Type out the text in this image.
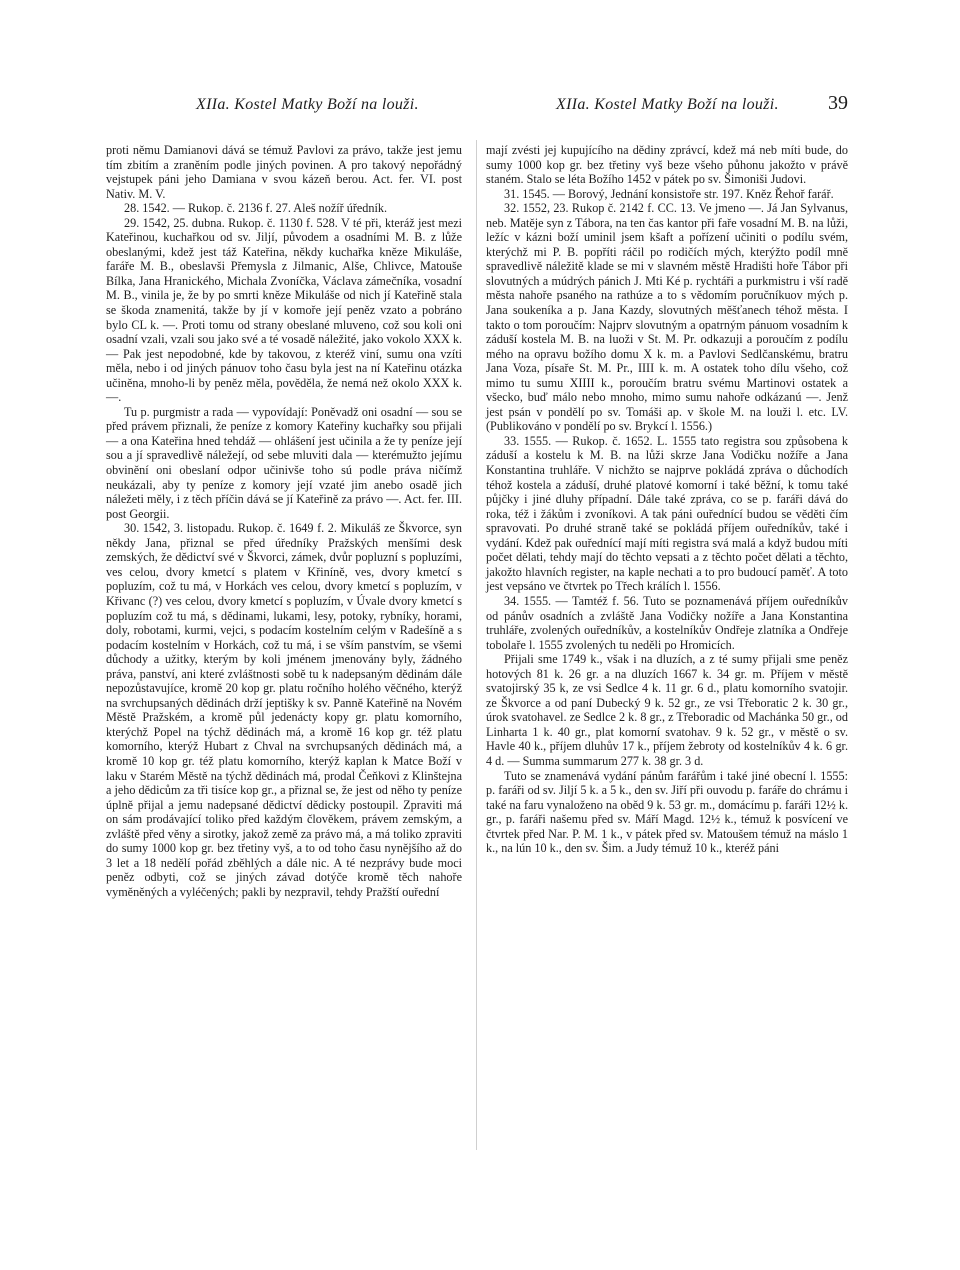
XIIa. Kostel Matky Boží na louži.	XIIa. Kostel Matky Boží na louži. 39

proti němu Damianovi dává se témuž Pavlovi za právo, takže jest jemu tím zbitím a zraněním podle jiných povinen. A pro takový nepořádný vejstupek páni jeho Damiana v svou kázeň berou. Act. fer. VI. post Nativ. M. V.

28. 1542. — Rukop. č. 2136 f. 27. Aleš nožíř úředník.

29. 1542, 25. dubna. Rukop. č. 1130 f. 528. V té při, kteráž jest mezi Kateřinou, kuchařkou od sv. Jiljí, původem a osadními M. B. z lůže obeslanými, kdež jest táž Kateřina, někdy kuchařka kněze Mikuláše, faráře M. B., obeslavši Přemysla z Jilmanic, Alše, Chlivce, Matouše Bílka, Jana Hranického, Michala Zvoníčka, Václava zámečníka, vosadní M. B., vinila je, že by po smrti kněze Mikuláše od nich jí Kateřině stala se škoda znamenitá, takže by jí v komoře její peněz vzato a pobráno bylo CL k. —. Proti tomu od strany obeslané mluveno, což sou koli oni osadní vzali, vzali sou jako své a té vosadě náležité, jako vokolo XXX k. — Pak jest nepodobné, kde by takovou, z kteréž viní, sumu ona vzíti měla, nebo i od jiných pánuov toho času byla jest na ní Kateřinu otázka učiněna, mnoho-li by peněz měla, pověděla, že nemá než okolo XXX k. —.

Tu p. purgmistr a rada — vypovídají: Poněvadž oni osadní — sou se před právem přiznali, že peníze z komory Kateřiny kuchařky sou přijali — a ona Kateřina hned tehdáž — ohlášení jest učinila a že ty peníze její sou a jí spravedlivě náležejí, od sebe mluviti dala — kterémužto jejímu obvinění oni obeslaní odpor učinivše toho sú podle práva ničímž neukázali, aby ty peníze z komory její vzaté jim anebo osadě jich náležeti měly, i z těch příčin dává se jí Kateřině za právo —. Act. fer. III. post Georgii.

30. 1542, 3. listopadu. Rukop. č. 1649 f. 2. Mikuláš ze Škvorce, syn někdy Jana, přiznal se před úředníky Pražských menšími desk zemských, že dědictví své v Škvorci, zámek, dvůr popluzní s popluzími, ves celou, dvory kmetcí s platem v Křiníně, ves, dvory kmetcí s popluzím, což tu má, v Horkách ves celou, dvory kmetcí s popluzím, v Křivanc (?) ves celou, dvory kmetcí s popluzím, v Úvale dvory kmetcí s popluzím což tu má, s dědinami, lukami, lesy, potoky, rybníky, horami, doly, robotami, kurmi, vejci, s podacím kostelním celým v Radešíně a s podacím kostelním v Horkách, což tu má, i se vším panstvím, se všemi důchody a užitky, kterým by koli jménem jmenovány byly, žádného práva, panství, ani které zvláštnosti sobě tu k nadepsaným dědinám dále nepozůstavujíce, kromě 20 kop gr. platu ročního holého věčného, kterýž na svrchupsaných dědinách drží jeptišky k sv. Panně Kateřině na Novém Městě Pražském, a kromě půl jedenácty kopy gr. platu komorního, kterýchž Popel na týchž dědinách má, a kromě 16 kop gr. též platu komorního, kterýž Hubart z Chval na svrchupsaných dědinách má, a kromě 10 kop gr. též platu komorního, kterýž kaplan k Matce Boží v laku v Starém Městě na týchž dědinách má, prodal Čeňkovi z Klinštejna a jeho dědicům za tři tisíce kop gr., a přiznal se, že jest od něho ty peníze úplně přijal a jemu nadepsané dědictví dědicky postoupil. Zpraviti má on sám prodávající toliko před každým člověkem, právem zemským, a zvláště před věny a sirotky, jakož země za právo má, a má toliko zpraviti do sumy 1000 kop gr. bez třetiny vyš, a to od toho času nynějšího až do 3 let a 18 nedělí pořád zběhlých a dále nic. A té nezprávy bude moci peněz odbyti, což se jiných závad dotýče kromě těch nahoře vyměněných a vyléčených; pakli by nezpravil, tehdy Pražští ouřední

mají zvésti jej kupujícího na dědiny zprávcí, kdež má neb míti bude, do sumy 1000 kop gr. bez třetiny vyš beze všeho půhonu jakožto v právě staném. Stalo se léta Božího 1452 v pátek po sv. Šimoniši Judovi.

31. 1545. — Borový, Jednání konsistoře str. 197. Kněz Řehoř farář.

32. 1552, 23. Rukop č. 2142 f. CC. 13. Ve jmeno —. Já Jan Sylvanus, neb. Matěje syn z Tábora, na ten čas kantor při faře vosadní M. B. na lůži, ležíc v kázni boží uminil jsem kšaft a pořízení učiniti o podílu svém, kterýchž mi P. B. popříti ráčil po rodičích mých, kterýžto podíl mně spravedlivě náležitě klade se mi v slavném městě Hradišti hoře Tábor při slovutných a múdrých pánich J. Mti Ké p. rychtáři a purkmistru i vší radě města nahoře psaného na rathúze a to s vědomím poručníkuov mých p. Jana soukeníka a p. Jana Kazdy, slovutných měšťanech téhož města. I takto o tom poroučím: Najprv slovutným a opatrným pánuom vosadním k záduší kostela M. B. na luoži v St. M. Pr. odkazuji a poroučím z podílu mého na opravu božího domu X k. m. a Pavlovi Sedlčanskému, bratru Jana Voza, písaře St. M. Pr., IIII k. m. A ostatek toho dílu všeho, což mimo tu sumu XIIII k., poroučím bratru svému Martinovi ostatek a všecko, buď málo nebo mnoho, mimo sumu nahoře odkázanú —. Jenž jest psán v pondělí po sv. Tomáši ap. v škole M. na louži l. etc. LV. (Publikováno v pondělí po sv. Brykcí l. 1556.)

33. 1555. — Rukop. č. 1652. L. 1555 tato registra sou způsobena k záduší a kostelu k M. B. na lůži skrze Jana Vodičku nožíře a Jana Konstantina truhláře. V nichžto se najprve pokládá zpráva o důchodích téhož kostela a záduší, druhé platové komorní i také běžní, k tomu také půjčky i jiné dluhy případní. Dále také zpráva, co se p. faráři dává do roka, též i žákům i zvoníkovi. A tak páni ouřednící budou se věděti čím spravovati. Po druhé straně také se pokládá příjem ouředníkův, také i vydání. Kdež pak ouřednící mají míti registra svá malá a když budou míti počet dělati, tehdy mají do těchto vepsati a z těchto počet dělati a těchto, jakožto hlavních register, na kaple nechati a to pro budoucí paměť. A toto jest vepsáno ve čtvrtek po Třech králích l. 1556.

34. 1555. — Tamtéž f. 56. Tuto se poznamenává příjem ouředníkův od pánův osadních a zvláště Jana Vodičky nožíře a Jana Konstantina truhláře, zvolených ouředníkův, a kostelníkův Ondřeje zlatníka a Ondřeje tobolaře l. 1555 zvolených tu neděli po Hromicích.

Přijali sme 1749 k., však i na dluzích, a z té sumy přijali sme peněz hotových 81 k. 26 gr. a na dluzích 1667 k. 34 gr. m. Příjem v městě svatojirský 35 k, ze vsi Sedlce 4 k. 11 gr. 6 d., platu komorního svatojir. ze Škvorce a od paní Dubecký 9 k. 52 gr., ze vsi Třeboratic 2 k. 30 gr., úrok svatohavel. ze Sedlce 2 k. 8 gr., z Třeboradic od Machánka 50 gr., od Linharta 1 k. 40 gr., plat komorní svatohav. 9 k. 52 gr., v městě o sv. Havle 40 k., příjem dluhův 17 k., příjem žebroty od kostelníkův 4 k. 6 gr. 4 d. — Summa summarum 277 k. 38 gr. 3 d.

Tuto se znamenává vydání pánům farářům i také jiné obecní l. 1555: p. faráři od sv. Jiljí 5 k. a 5 k., den sv. Jiří při ouvodu p. faráře do chrámu i také na faru vynaloženo na oběd 9 k. 53 gr. m., domácímu p. faráři 12½ k. gr., p. faráři našemu před sv. Máří Magd. 12½ k., témuž k posvícení ve čtvrtek před Nar. P. M. 1 k., v pátek před sv. Matoušem témuž na máslo 1 k., na lún 10 k., den sv. Šim. a Judy témuž 10 k., kteréž páni
